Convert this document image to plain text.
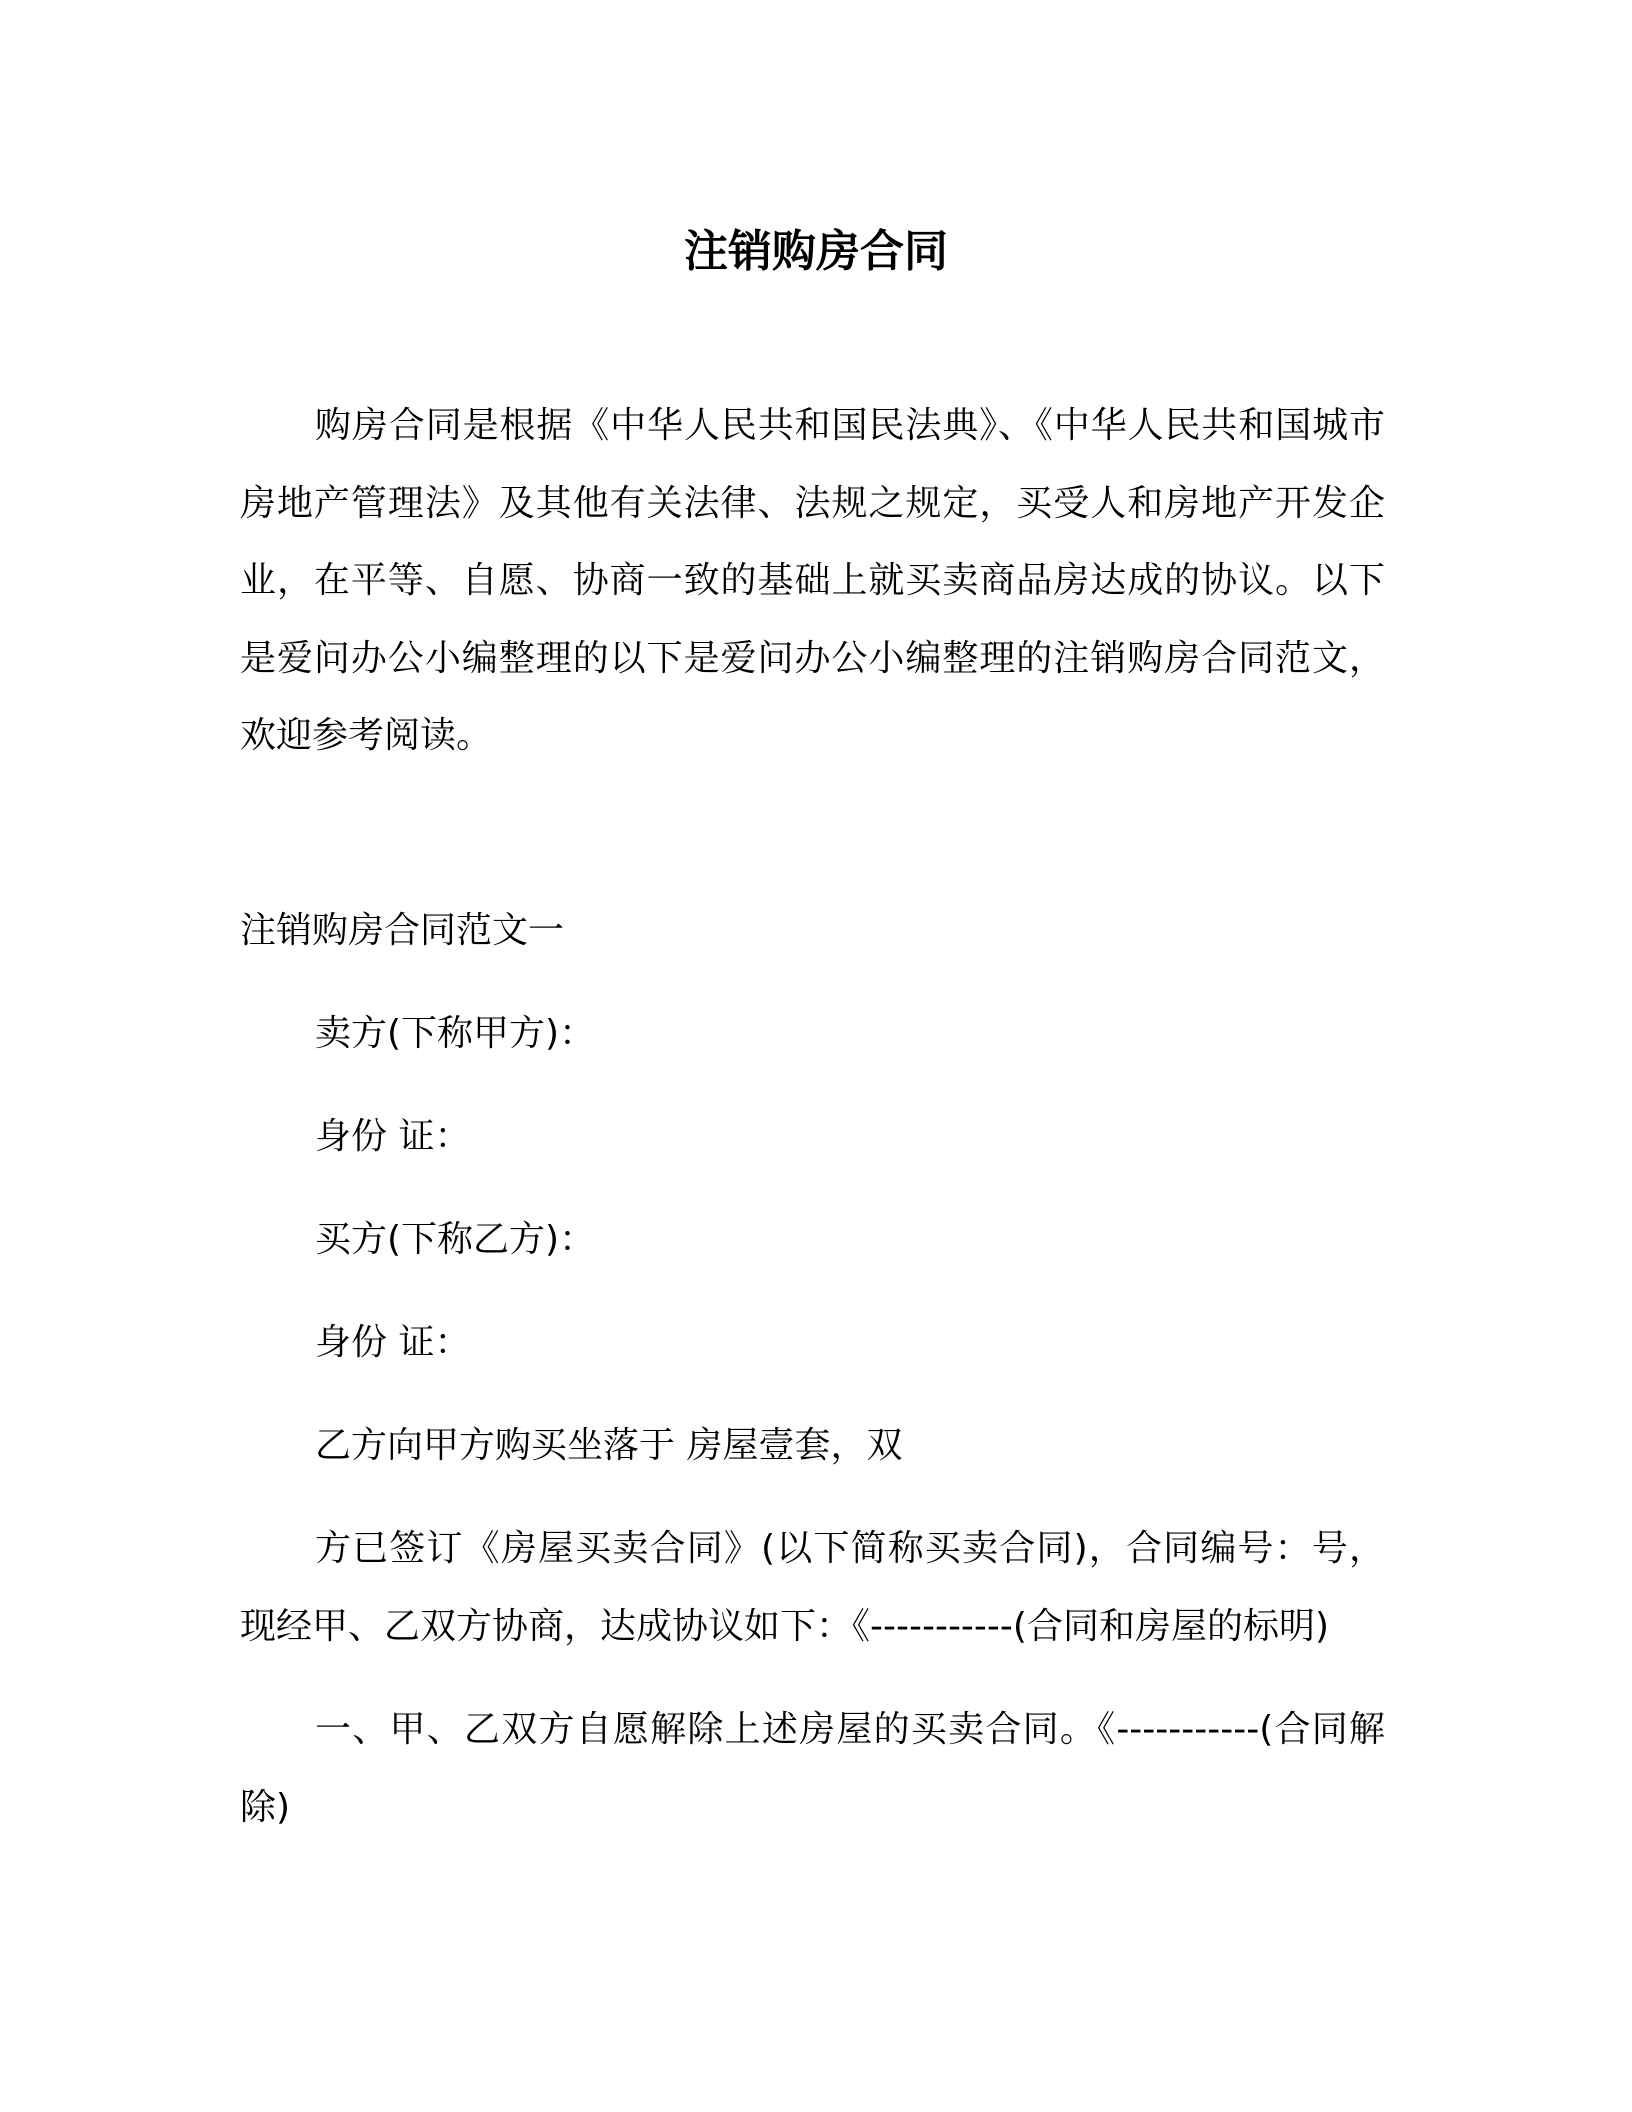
注销购房合同
购房合同是根据《中华人民共和国民法典》、《中华人民共和国城市房地产管理法》及其他有关法律、法规之规定，买受人和房地产开发企业，在平等、自愿、协商一致的基础上就买卖商品房达成的协议。以下是爱问办公小编整理的以下是爱问办公小编整理的注销购房合同范文，欢迎参考阅读。
注销购房合同范文一
卖方(下称甲方)：
身份 证：
买方(下称乙方)：
身份 证：
乙方向甲方购买坐落于 房屋壹套，双
方已签订《房屋买卖合同》(以下简称买卖合同)，合同编号：号，现经甲、乙双方协商，达成协议如下：《-----------(合同和房屋的标明)
一、甲、乙双方自愿解除上述房屋的买卖合同。《-----------(合同解除)
